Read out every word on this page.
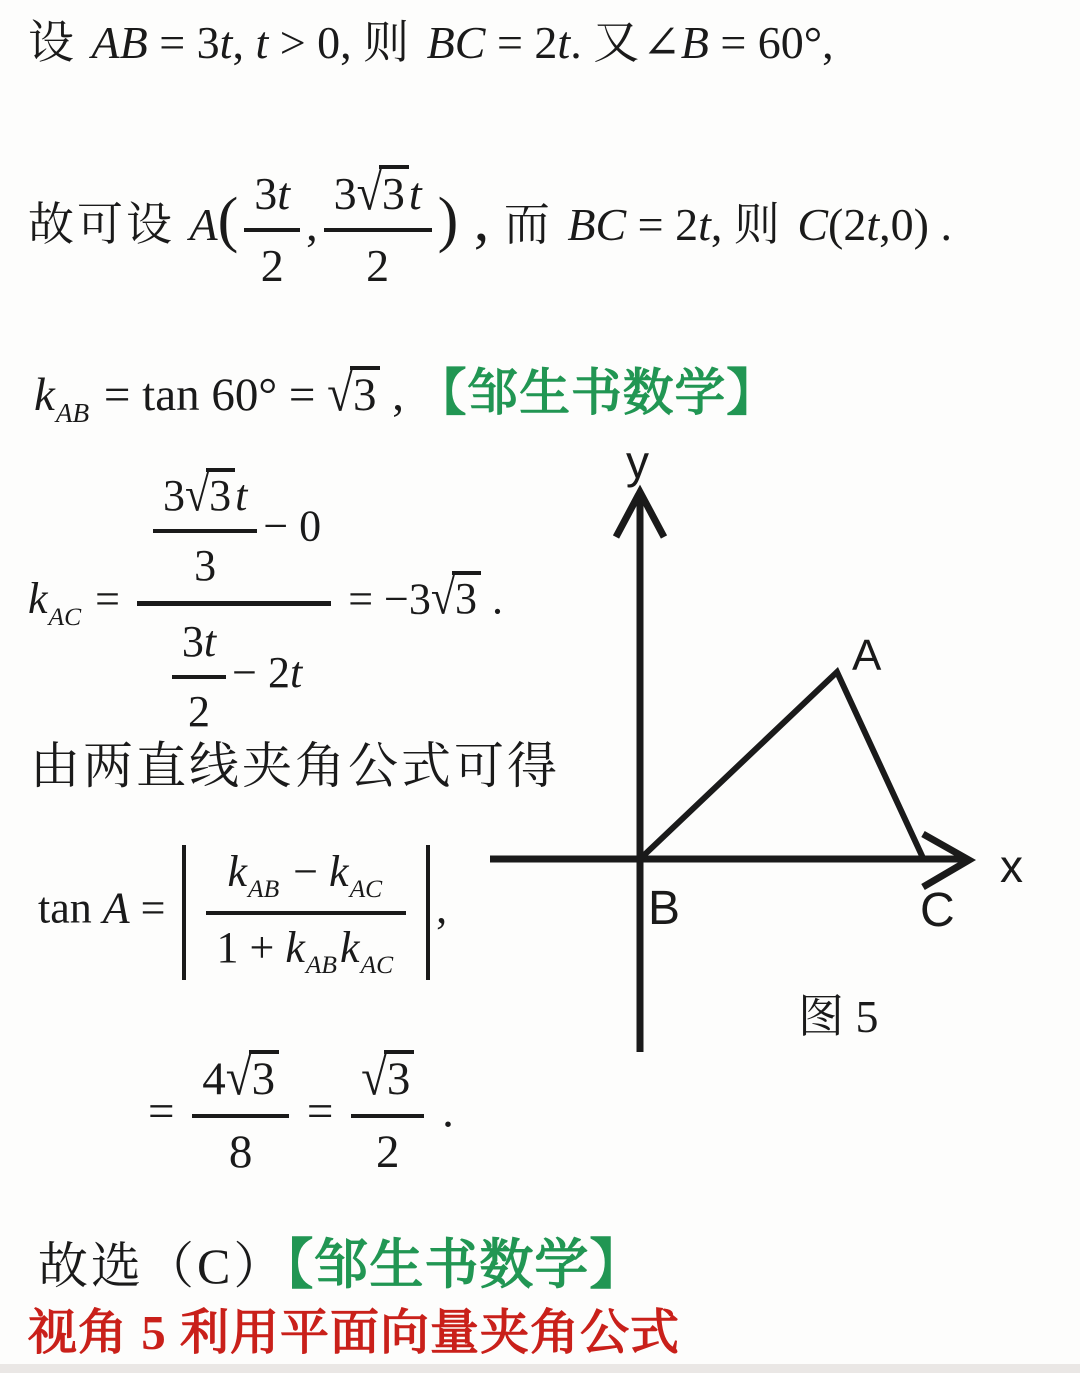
设 AB = 3t, t > 0, 则 BC = 2t. 又∠B = 60°,
故可设 $A( \frac{3t}{2}$ , $\frac{3√3t}{2}$ ) , 而 BC = 2t, 则 C(2t,0) .
$k_{AB} = \tan 60^\circ = √3$ , 【邹生书数学】
$k_{AC}$ =
$\frac{3√3t}{3} - 0$
$\frac{3t}{2} - 2t$
= −3√3 .
由两直线夹角公式可得
$\tan A = \frac{k_{AB} - k_{AC}}{1 + k_{AB}k_{AC}}$ ,
= $\frac{4√3}{8} = \frac{√3}{2}$ .
故选（C）【邹生书数学】
视角 5 利用平面向量夹角公式
y
x
A
B	C
图 5
